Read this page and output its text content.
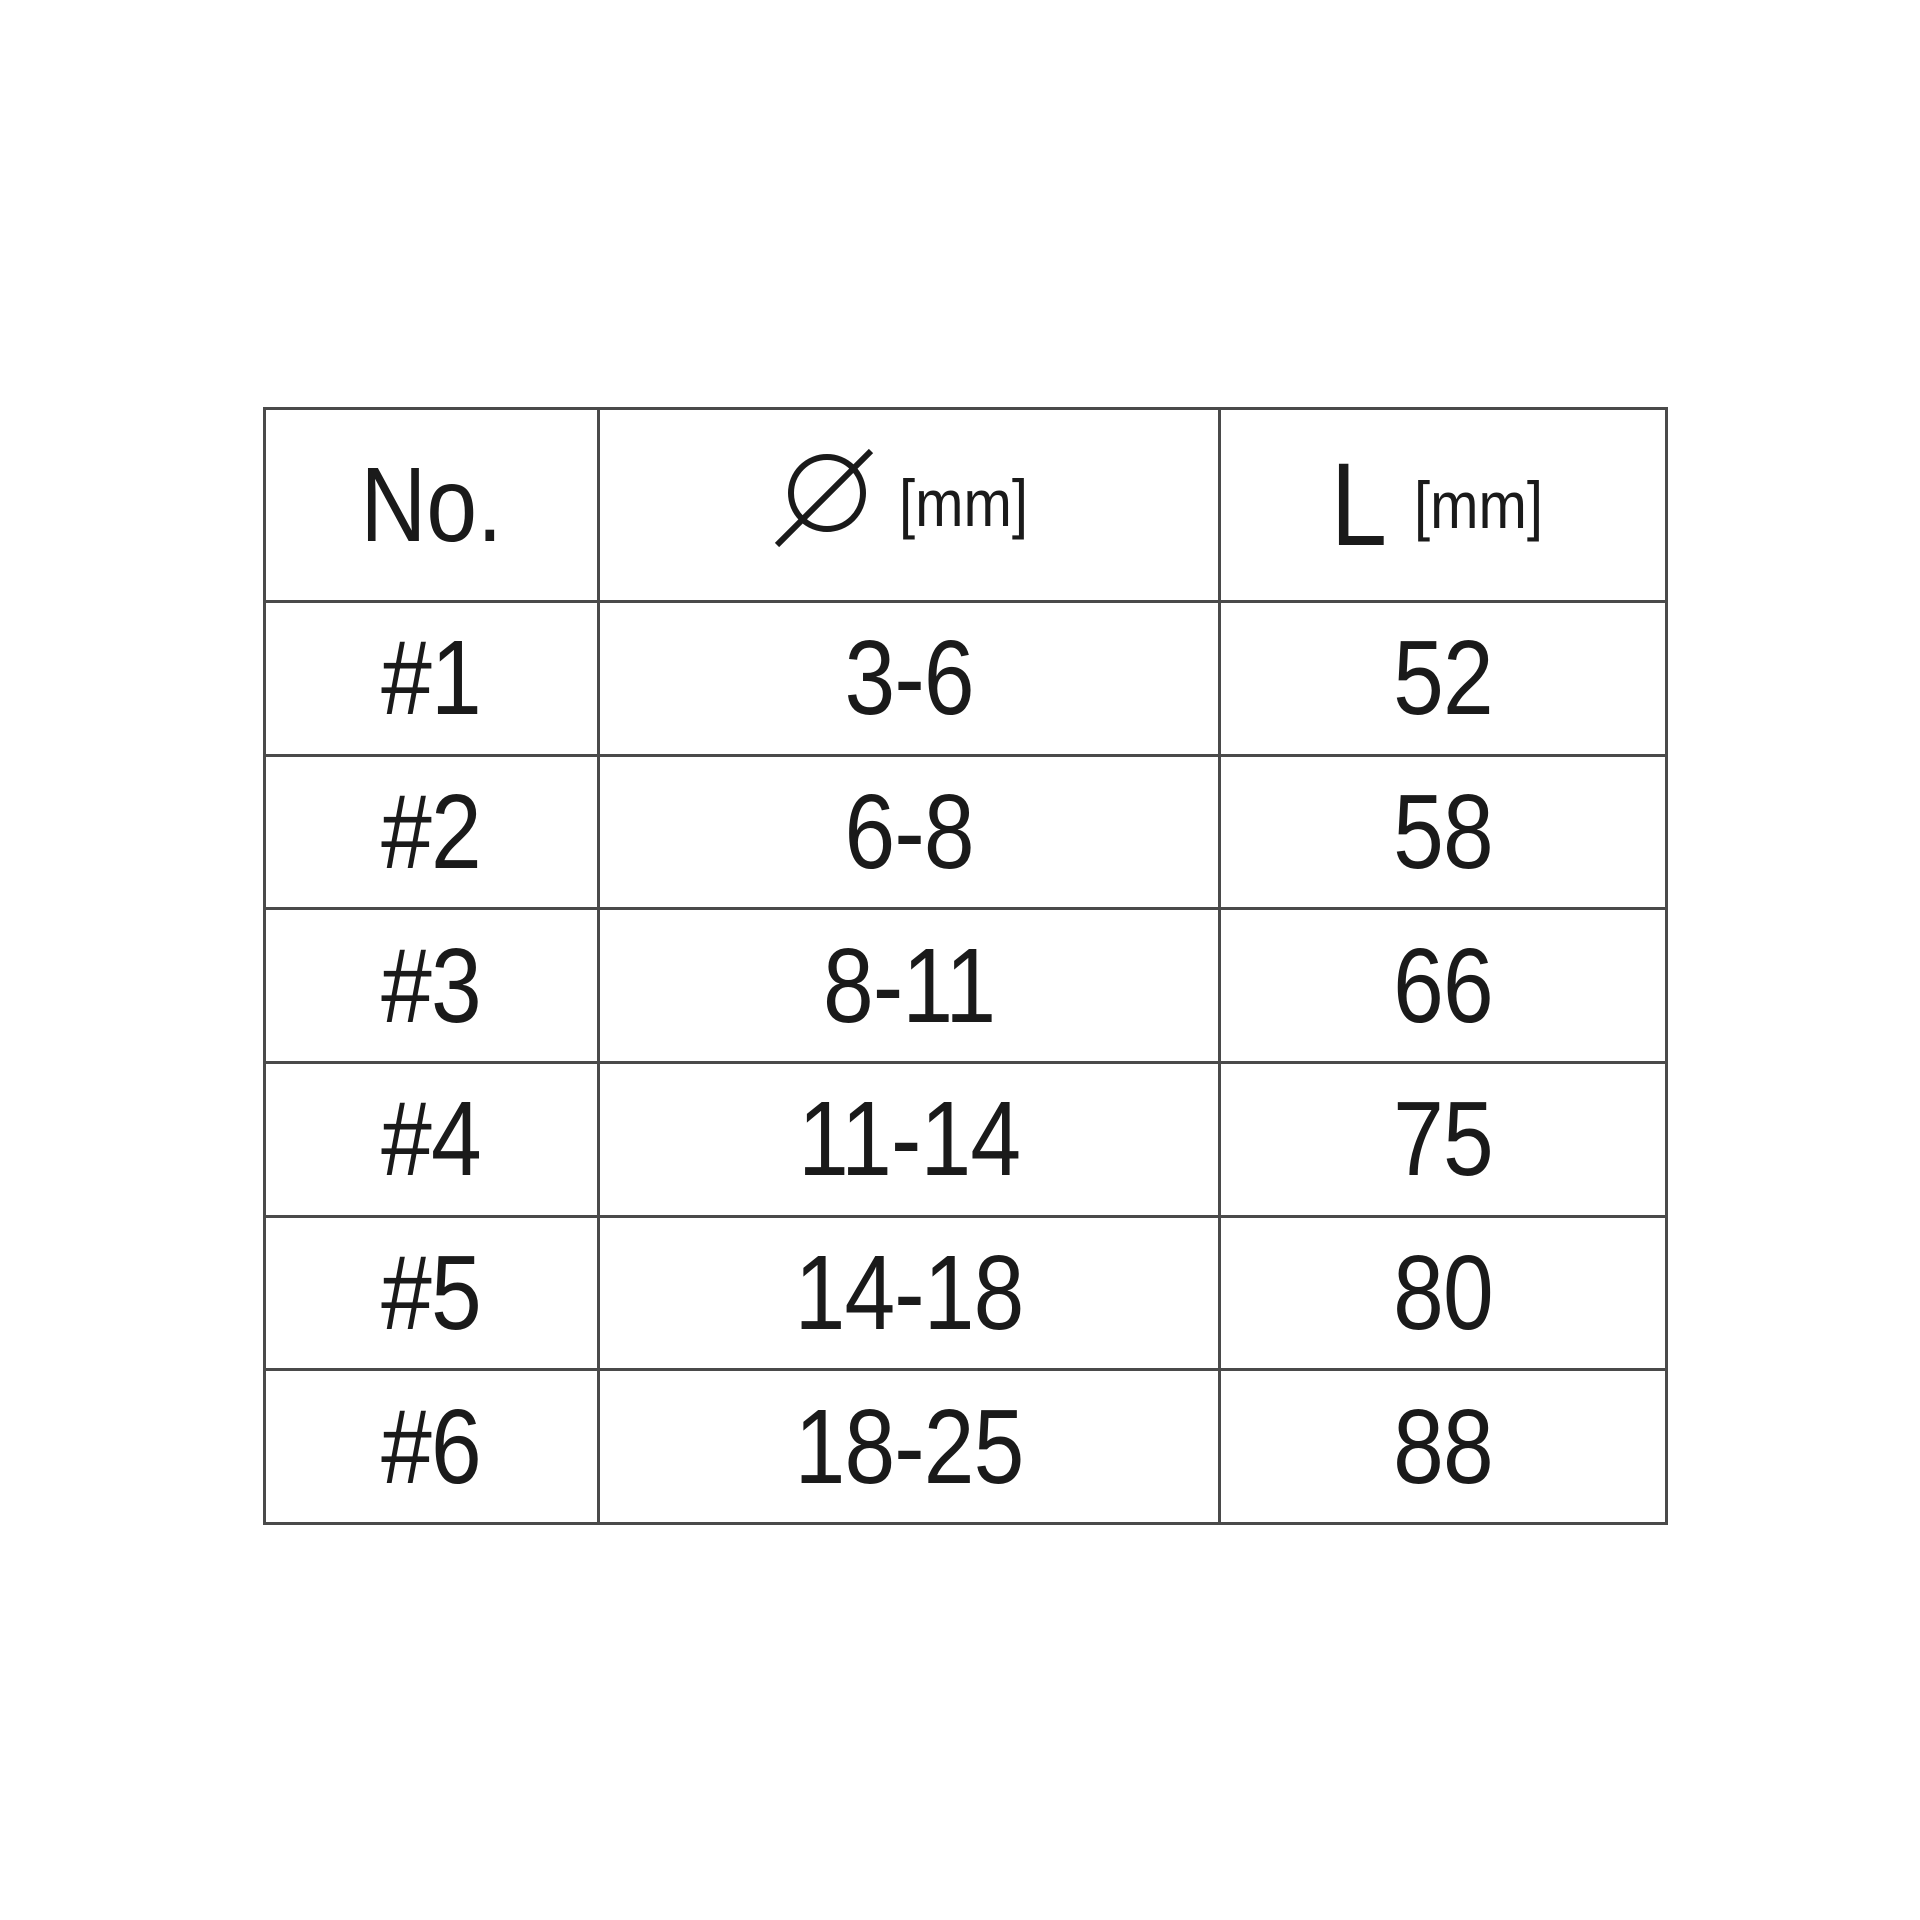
No.	[mm]	L [mm]

#1	3-6	52
#2	6-8	58
#3	8-11	66
#4	11-14	75
#5	14-18	80
#6	18-25	88
